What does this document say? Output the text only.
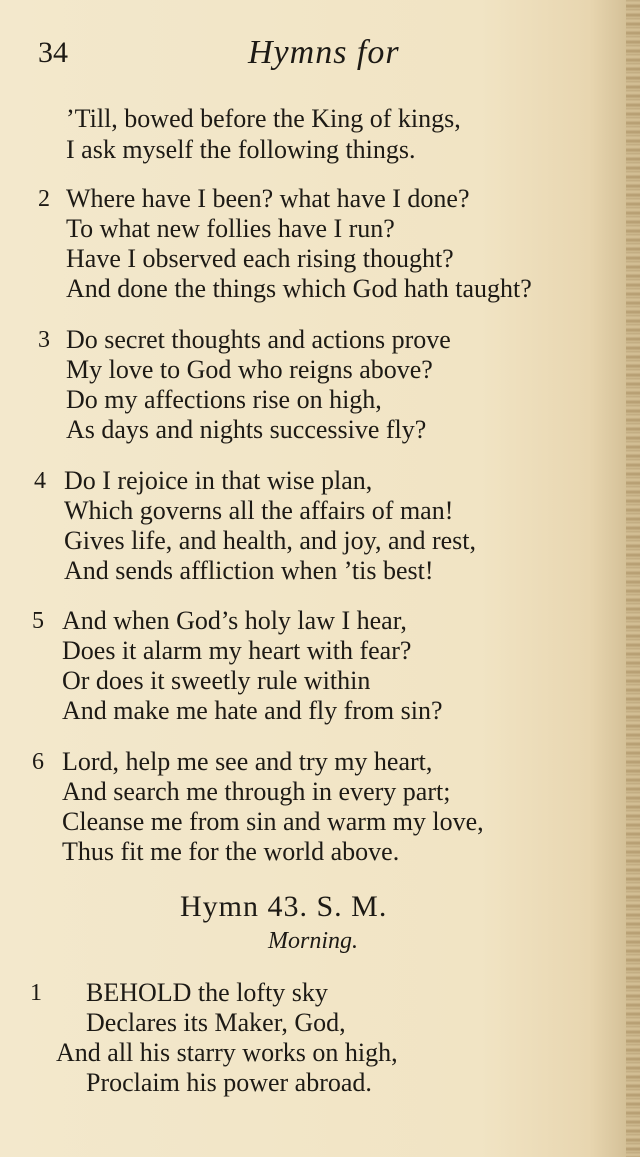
34	Hymns for
’Till, bowed before the King of kings,
I ask myself the following things.
2 Where have I been? what have I done?
To what new follies have I run?
Have I observed each rising thought?
And done the things which God hath taught?
3 Do secret thoughts and actions prove
My love to God who reigns above?
Do my affections rise on high,
As days and nights successive fly?
4 Do I rejoice in that wise plan,
Which governs all the affairs of man!
Gives life, and health, and joy, and rest,
And sends affliction when ’tis best!
5 And when God’s holy law I hear,
Does it alarm my heart with fear?
Or does it sweetly rule within
And make me hate and fly from sin?
6 Lord, help me see and try my heart,
And search me through in every part;
Cleanse me from sin and warm my love,
Thus fit me for the world above.
Hymn 43. S. M.
Morning.
1 BEHOLD the lofty sky
Declares its Maker, God,
And all his starry works on high,
Proclaim his power abroad.
